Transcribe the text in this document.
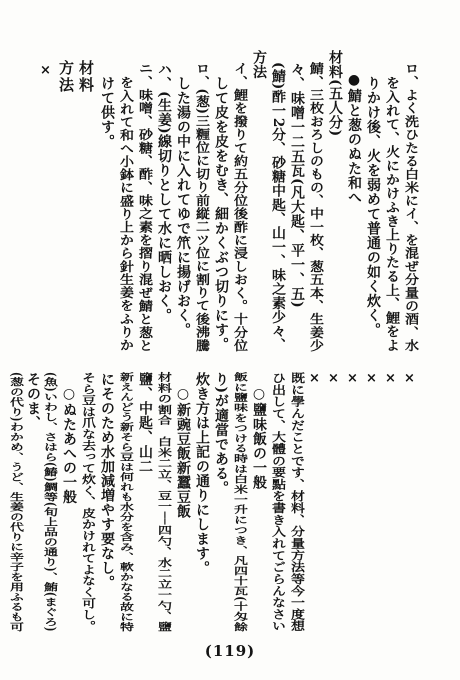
ロ、よく洗ひたる白米にイ、を混ぜ分量の酒、水
を入れて、火にかけふき上りたる上、鯉をよ
りかけ後、火を弱めて普通の如く炊く。
●鯖と葱のぬた和へ
材料(五人分)
鯖、三枚おろしのもの、中一枚、葱五本、生姜少
々、味噌一二五瓦(凡大匙、平一、五)
(鯖)酢一2分、砂糖中匙、山一、味之素少々、
方法
イ、鯉を撥りて約五分位後酢に浸しおく。十分位
して皮を皮をむき、細かくぶつ切りにす。
ロ、(葱)三糎位に切り前縦二ツ位に割りて後沸騰
した湯の中に入れてゆで笊に揚げおく。
ハ、(生姜)線切りとして水に晒しおく。
ニ、味噌、砂糖、酢、味之素を摺り混ぜ鯖と葱と
を入れて和へ小鉢に盛り上から針生姜をふりか
けて供す。
材料
方法
×
×
×
×
×
×
×
既に學んだことです、材料、分量方法等今一度想
ひ出して、大體の要點を書き入れてごらんなさい
○鹽味飯の一般
飯に鹽味をつける時は白米一升につき、凡四十瓦(十匁餘
り)が適當である。
炊き方は上記の通りにします。
○新豌豆飯新蠶豆飯
材料の割合　白米二立、豆一──四勺、水二立一勺、鹽
鹽、中匙、山二
新えんどう新そら豆は何れも水分を含み、軟かなる故に特
にそのため水加減増やす要なし。
そら豆は爪な去って炊く、皮かけれてよなく可し。
○ぬたあへの一般
(魚)いわし、さはら(鰆)鯛等(旬上品の通り)、鮪(まぐろ)
そのま、
(葱の代り)わかめ、うど、生姜の代りに辛子を用ふるも可
(119)
